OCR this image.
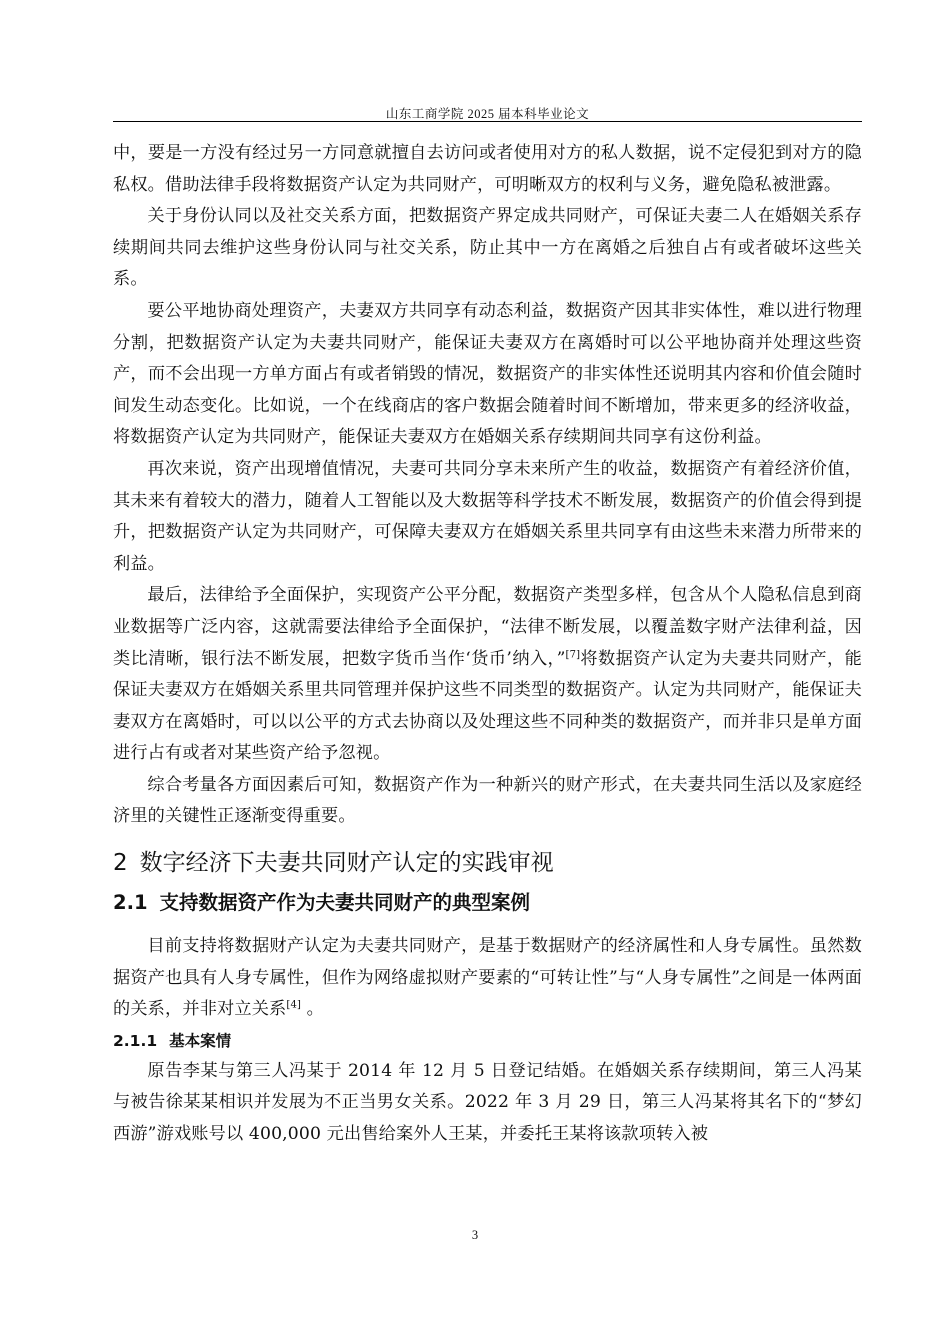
山东工商学院 2025 届本科毕业论文

中，要是一方没有经过另一方同意就擅自去访问或者使用对方的私人数据，说不定侵犯到对方的隐私权。借助法律手段将数据资产认定为共同财产，可明晰双方的权利与义务，避免隐私被泄露。

关于身份认同以及社交关系方面，把数据资产界定成共同财产，可保证夫妻二人在婚姻关系存续期间共同去维护这些身份认同与社交关系，防止其中一方在离婚之后独自占有或者破坏这些关系。

要公平地协商处理资产，夫妻双方共同享有动态利益，数据资产因其非实体性，难以进行物理分割，把数据资产认定为夫妻共同财产，能保证夫妻双方在离婚时可以公平地协商并处理这些资产，而不会出现一方单方面占有或者销毁的情况，数据资产的非实体性还说明其内容和价值会随时间发生动态变化。比如说，一个在线商店的客户数据会随着时间不断增加，带来更多的经济收益，将数据资产认定为共同财产，能保证夫妻双方在婚姻关系存续期间共同享有这份利益。

再次来说，资产出现增值情况，夫妻可共同分享未来所产生的收益，数据资产有着经济价值，其未来有着较大的潜力，随着人工智能以及大数据等科学技术不断发展，数据资产的价值会得到提升，把数据资产认定为共同财产，可保障夫妻双方在婚姻关系里共同享有由这些未来潜力所带来的利益。

最后，法律给予全面保护，实现资产公平分配，数据资产类型多样，包含从个人隐私信息到商业数据等广泛内容，这就需要法律给予全面保护，“法律不断发展，以覆盖数字财产法律利益，因类比清晰，银行法不断发展，把数字货币当作‘货币’纳入，”[7]将数据资产认定为夫妻共同财产，能保证夫妻双方在婚姻关系里共同管理并保护这些不同类型的数据资产。认定为共同财产，能保证夫妻双方在离婚时，可以以公平的方式去协商以及处理这些不同种类的数据资产，而并非只是单方面进行占有或者对某些资产给予忽视。

综合考量各方面因素后可知，数据资产作为一种新兴的财产形式，在夫妻共同生活以及家庭经济里的关键性正逐渐变得重要。

2 数字经济下夫妻共同财产认定的实践审视
2.1 支持数据资产作为夫妻共同财产的典型案例

目前支持将数据财产认定为夫妻共同财产，是基于数据财产的经济属性和人身专属性。虽然数据资产也具有人身专属性，但作为网络虚拟财产要素的“可转让性”与“人身专属性”之间是一体两面的关系，并非对立关系[4] 。

2.1.1 基本案情

原告李某与第三人冯某于 2014 年 12 月 5 日登记结婚。在婚姻关系存续期间，第三人冯某与被告徐某某相识并发展为不正当男女关系。2022 年 3 月 29 日，第三人冯某将其名下的“梦幻西游”游戏账号以 400,000 元出售给案外人王某，并委托王某将该款项转入被

3
